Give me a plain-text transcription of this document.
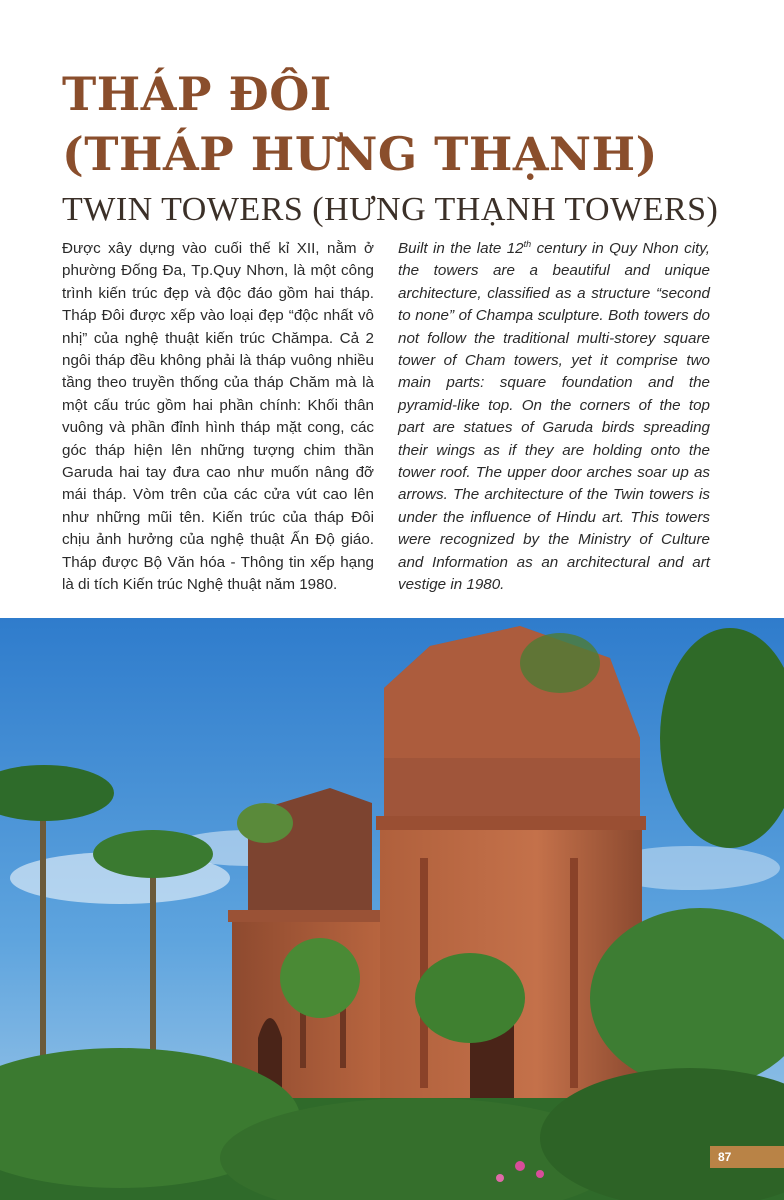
THÁP ĐÔI
(THÁP HƯNG THẠNH)
TWIN TOWERS (HƯNG THẠNH TOWERS)

Được xây dựng vào cuối thế kỉ XII, nằm ở phường Đống Đa, Tp.Quy Nhơn, là một công trình kiến trúc đẹp và độc đáo gồm hai tháp. Tháp Đôi được xếp vào loại đẹp “độc nhất vô nhị” của nghệ thuật kiến trúc Chămpa. Cả 2 ngôi tháp đều không phải là tháp vuông nhiều tầng theo truyền thống của tháp Chăm mà là một cấu trúc gồm hai phần chính: Khối thân vuông và phần đỉnh hình tháp mặt cong, các góc tháp hiện lên những tượng chim thần Garuda hai tay đưa cao như muốn nâng đỡ mái tháp. Vòm trên của các cửa vút cao lên như những mũi tên. Kiến trúc của tháp Đôi chịu ảnh hưởng của nghệ thuật Ấn Độ giáo. Tháp được Bộ Văn hóa - Thông tin xếp hạng là di tích Kiến trúc Nghệ thuật năm 1980.

Built in the late 12th century in Quy Nhon city, the towers are a beautiful and unique architecture, classified as a structure “second to none” of Champa sculpture. Both towers do not follow the traditional multi-storey square tower of Cham towers, yet it comprise two main parts: square foundation and the pyramid-like top. On the corners of the top part are statues of Garuda birds spreading their wings as if they are holding onto the tower roof. The upper door arches soar up as arrows. The architecture of the Twin towers is under the influence of Hindu art. This towers were recognized by the Ministry of Culture and Information as an architectural and art vestige in 1980.

87
